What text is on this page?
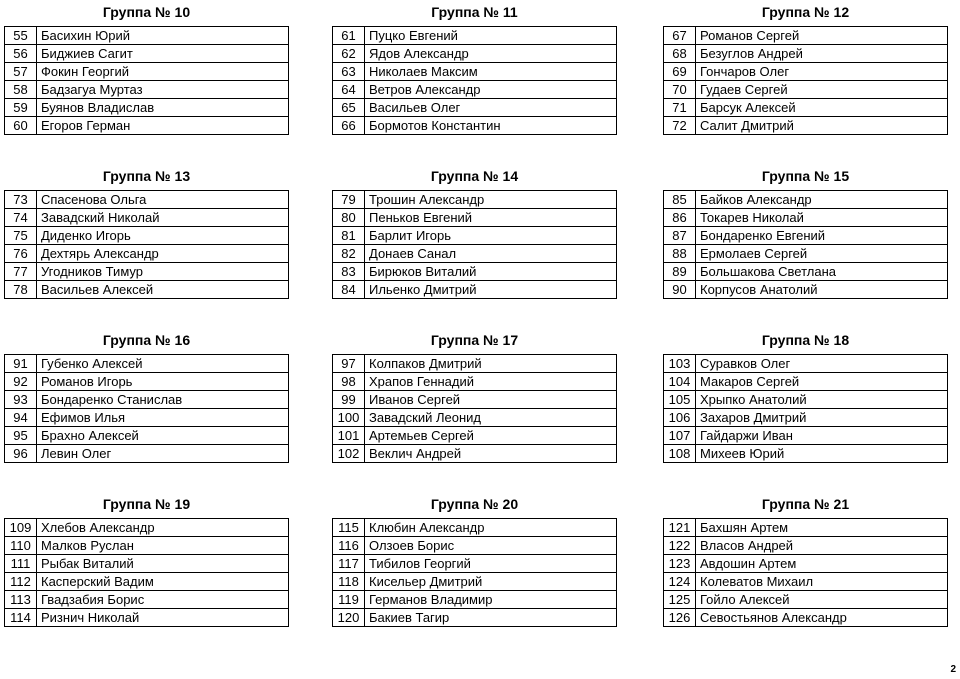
Группа № 10
55	Басихин Юрий
56	Биджиев Сагит
57	Фокин Георгий
58	Бадзагуа Муртаз
59	Буянов Владислав
60	Егоров Герман
Группа № 11
61	Пуцко Евгений
62	Ядов Александр
63	Николаев Максим
64	Ветров Александр
65	Васильев Олег
66	Бормотов Константин
Группа № 12
67	Романов Сергей
68	Безуглов Андрей
69	Гончаров Олег
70	Гудаев Сергей
71	Барсук Алексей
72	Салит Дмитрий
Группа № 13
73	Спасенова Ольга
74	Завадский Николай
75	Диденко Игорь
76	Дехтярь Александр
77	Угодников Тимур
78	Васильев Алексей
Группа № 14
79	Трошин Александр
80	Пеньков Евгений
81	Барлит Игорь
82	Донаев Санал
83	Бирюков Виталий
84	Ильенко Дмитрий
Группа № 15
85	Байков Александр
86	Токарев Николай
87	Бондаренко Евгений
88	Ермолаев Сергей
89	Большакова Светлана
90	Корпусов Анатолий
Группа № 16
91	Губенко Алексей
92	Романов Игорь
93	Бондаренко Станислав
94	Ефимов Илья
95	Брахно Алексей
96	Левин Олег
Группа № 17
97	Колпаков Дмитрий
98	Храпов Геннадий
99	Иванов Сергей
100	Завадский Леонид
101	Артемьев Сергей
102	Веклич Андрей
Группа № 18
103	Суравков Олег
104	Макаров Сергей
105	Хрыпко Анатолий
106	Захаров Дмитрий
107	Гайдаржи Иван
108	Михеев Юрий
Группа № 19
109	Хлебов Александр
110	Малков Руслан
111	Рыбак Виталий
112	Касперский Вадим
113	Гвадзабия Борис
114	Ризнич Николай
Группа № 20
115	Клюбин Александр
116	Олзоев Борис
117	Тибилов Георгий
118	Кисельер Дмитрий
119	Германов Владимир
120	Бакиев Тагир
Группа № 21
121	Бахшян Артем
122	Власов Андрей
123	Авдошин Артем
124	Колеватов Михаил
125	Гойло Алексей
126	Севостьянов Александр
2
